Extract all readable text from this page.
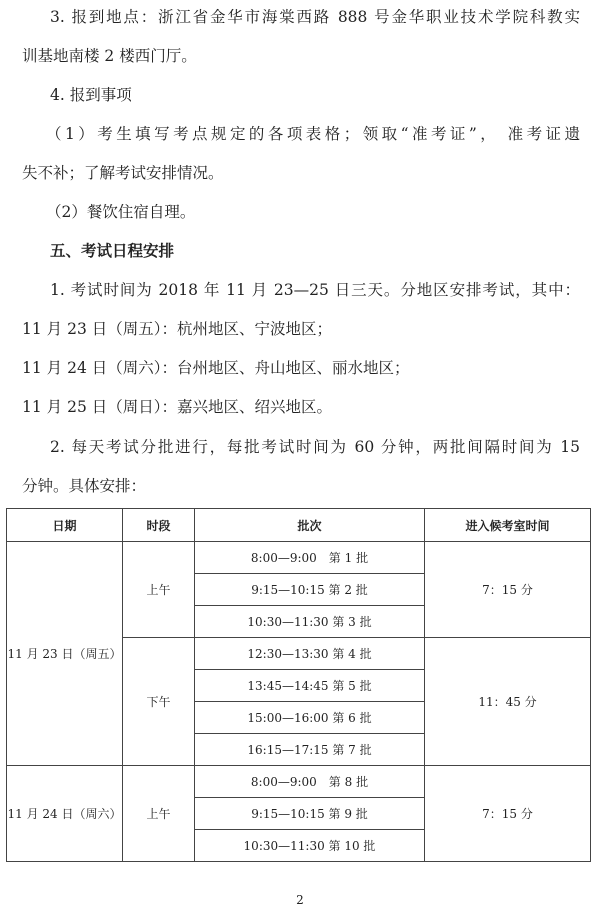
3. 报到地点：浙江省金华市海棠西路 888 号金华职业技术学院科教实
训基地南楼 2 楼西门厅。
4. 报到事项
（1）考生填写考点规定的各项表格；领取“准考证”， 准考证遗
失不补；了解考试安排情况。
（2）餐饮住宿自理。
五、考试日程安排
1. 考试时间为 2018 年 11 月 23—25 日三天。分地区安排考试，其中：
11 月 23 日（周五）：杭州地区、宁波地区；
11 月 24 日（周六）：台州地区、舟山地区、丽水地区；
11 月 25 日（周日）：嘉兴地区、绍兴地区。
2. 每天考试分批进行，每批考试时间为 60 分钟，两批间隔时间为 15
分钟。具体安排：
日期	时段	批次	进入候考室时间
11 月 23 日（周五）	上午	8:00—9:00　第 1 批	7：15 分
		9:15—10:15 第 2 批	
		10:30—11:30 第 3 批	
	下午	12:30—13:30 第 4 批	11：45 分
		13:45—14:45 第 5 批	
		15:00—16:00 第 6 批	
		16:15—17:15 第 7 批	
11 月 24 日（周六）	上午	8:00—9:00　第 8 批	7：15 分
		9:15—10:15 第 9 批	
		10:30—11:30 第 10 批	
2
